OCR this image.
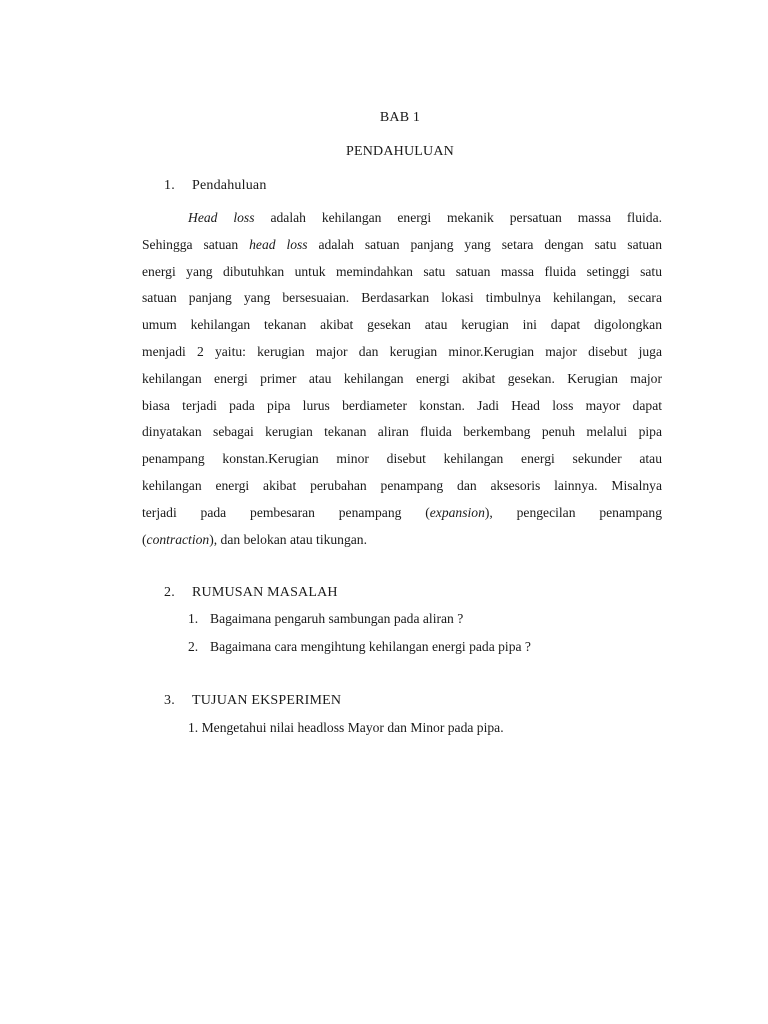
BAB 1
PENDAHULUAN
1. Pendahuluan
Head loss adalah kehilangan energi mekanik persatuan massa fluida.
Sehingga satuan head loss adalah satuan panjang yang setara dengan satu satuan
energi yang dibutuhkan untuk memindahkan satu satuan massa fluida setinggi satu
satuan panjang yang bersesuaian. Berdasarkan lokasi timbulnya kehilangan, secara
umum kehilangan tekanan akibat gesekan atau kerugian ini dapat digolongkan
menjadi 2 yaitu: kerugian major dan kerugian minor.Kerugian major disebut juga
kehilangan energi primer atau kehilangan energi akibat gesekan. Kerugian major
biasa terjadi pada pipa lurus berdiameter konstan. Jadi Head loss mayor dapat
dinyatakan sebagai kerugian tekanan aliran fluida berkembang penuh melalui pipa
penampang konstan.Kerugian minor disebut kehilangan energi sekunder atau
kehilangan energi akibat perubahan penampang dan aksesoris lainnya. Misalnya
terjadi pada pembesaran penampang (expansion), pengecilan penampang
(contraction), dan belokan atau tikungan.
2. RUMUSAN MASALAH
1. Bagaimana pengaruh sambungan pada aliran ?
2. Bagaimana cara mengihtung kehilangan energi pada pipa ?
3. TUJUAN EKSPERIMEN
1. Mengetahui nilai headloss Mayor dan Minor pada pipa.
